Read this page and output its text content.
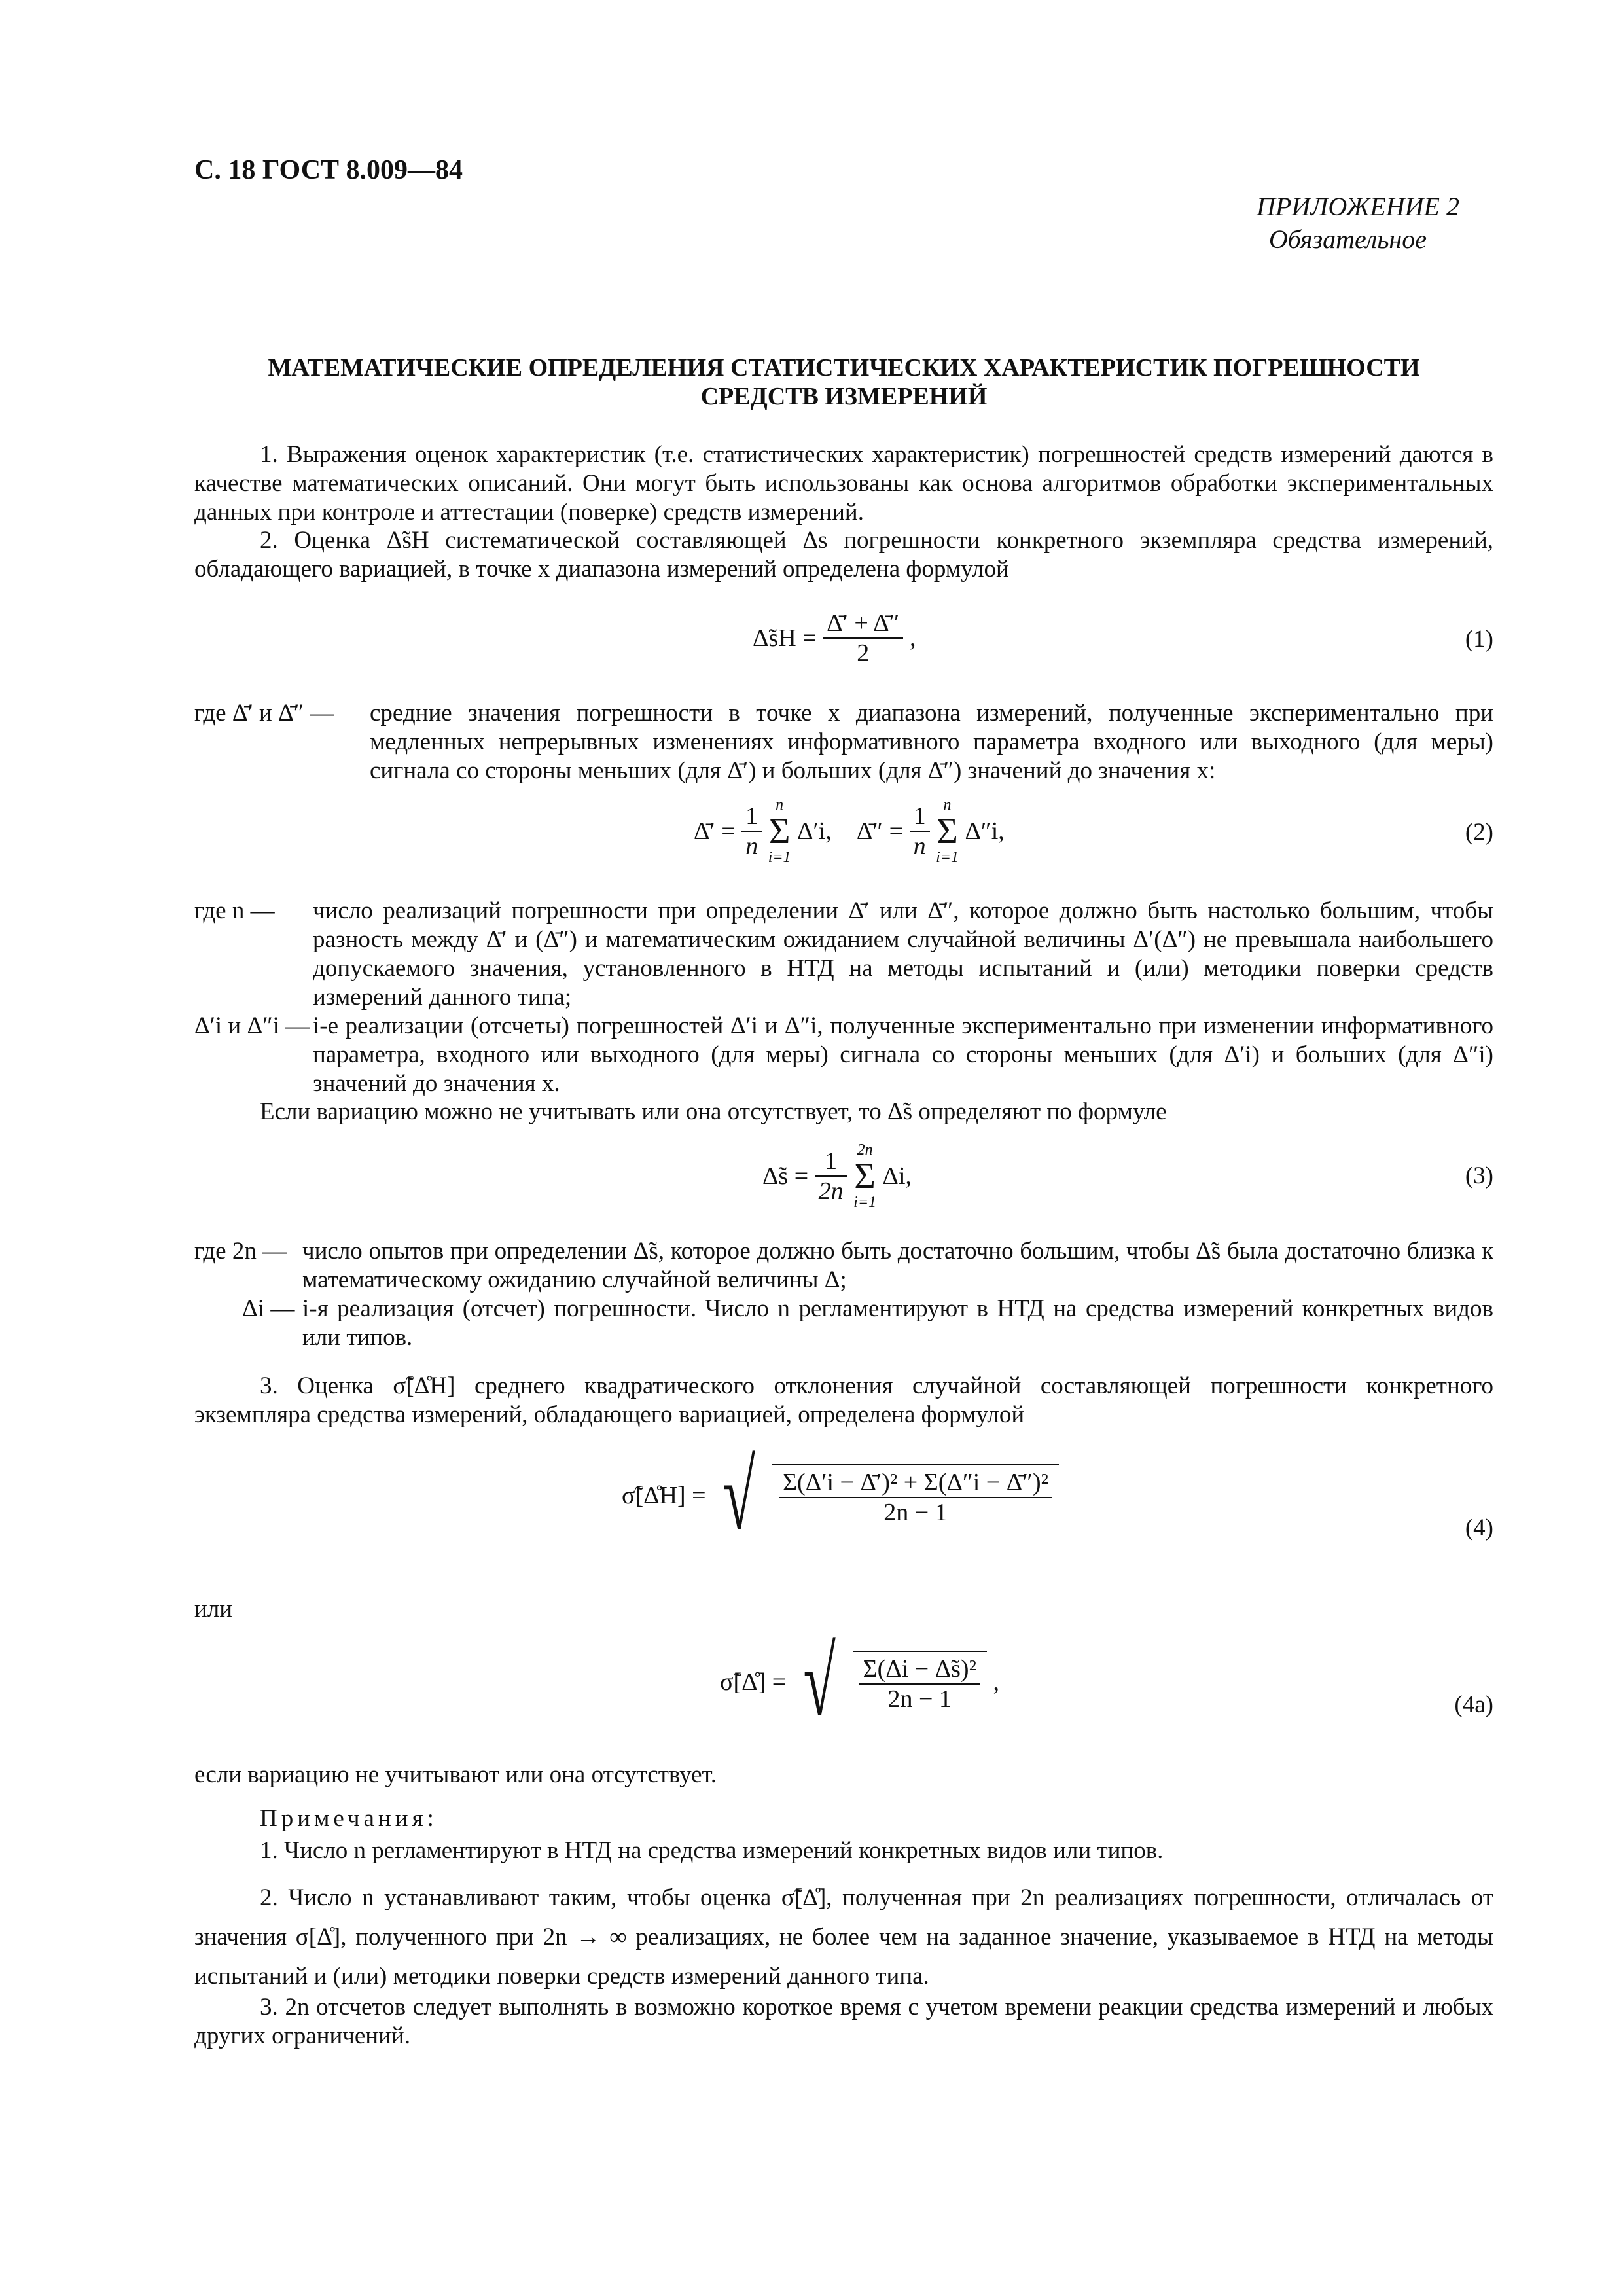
С. 18 ГОСТ 8.009—84
ПРИЛОЖЕНИЕ 2
Обязательное
МАТЕМАТИЧЕСКИЕ ОПРЕДЕЛЕНИЯ СТАТИСТИЧЕСКИХ ХАРАКТЕРИСТИК ПОГРЕШНОСТИ
СРЕДСТВ ИЗМЕРЕНИЙ
1. Выражения оценок характеристик (т.е. статистических характеристик) погрешностей средств измерений даются в качестве математических описаний. Они могут быть использованы как основа алгоритмов обработки экспериментальных данных при контроле и аттестации (поверке) средств измерений.
2. Оценка Δ̃sH систематической составляющей Δs погрешности конкретного экземпляра средства измерений, обладающего вариацией, в точке x диапазона измерений определена формулой
Δ̃sH = $\frac{\Deltā' + \Deltā''}{2}$ ,	(1)
где Δ̄′ и Δ̄″ — средние значения погрешности в точке x диапазона измерений, полученные экспериментально при медленных непрерывных изменениях информативного параметра входного или выходного (для меры) сигнала со стороны меньших (для Δ̄′) и больших (для Δ̄″) значений до значения x:
Δ̄′ = $\frac{1}{n}$
n
Σ
i=1
Δ′i, Δ̄″ = $\frac{1}{n}$
n
Σ
i=1
Δ″i,	(2)
где n — число реализаций погрешности при определении Δ̄′ или Δ̄″, которое должно быть настолько большим, чтобы разность между Δ̄′ и (Δ̄″) и математическим ожиданием случайной величины Δ′(Δ″) не превышала наибольшего допускаемого значения, установленного в НТД на методы испытаний и (или) методики поверки средств измерений данного типа;
Δ′i и Δ″i — i-е реализации (отсчеты) погрешностей Δ′i и Δ″i, полученные экспериментально при изменении информативного параметра, входного или выходного (для меры) сигнала со стороны меньших (для Δ′i) и больших (для Δ″i) значений до значения x.
Если вариацию можно не учитывать или она отсутствует, то Δ̃s определяют по формуле
Δ̃s = $\frac{1}{2n}$
2n
Σ
i=1
Δi,	(3)
где 2n — число опытов при определении Δ̃s, которое должно быть достаточно большим, чтобы Δ̃s была достаточно близка к математическому ожиданию случайной величины Δ;
Δi — i-я реализация (отсчет) погрешности. Число n регламентируют в НТД на средства измерений конкретных видов или типов.
3. Оценка σ̃[Δ̊H] среднего квадратического отклонения случайной составляющей погрешности конкретного экземпляра средства измерений, обладающего вариацией, определена формулой
σ̃[Δ̊H] = √ $\frac{\text{Σ(Δ′i − Δ̄′)² + Σ(Δ″i − Δ̄″)²}}{2n - 1}$
(4)
или
σ̃[Δ̊] = √ $\frac{\text{Σ(Δi − Δ̃s)²}}{2n - 1}$ ,
(4a)
если вариацию не учитывают или она отсутствует.
Примечания:
1. Число n регламентируют в НТД на средства измерений конкретных видов или типов.
2. Число n устанавливают таким, чтобы оценка σ̃[Δ̊], полученная при 2n реализациях погрешности, отличалась от значения σ[Δ̊], полученного при 2n → ∞ реализациях, не более чем на заданное значение, указываемое в НТД на методы испытаний и (или) методики поверки средств измерений данного типа.
3. 2n отсчетов следует выполнять в возможно короткое время с учетом времени реакции средства измерений и любых других ограничений.
